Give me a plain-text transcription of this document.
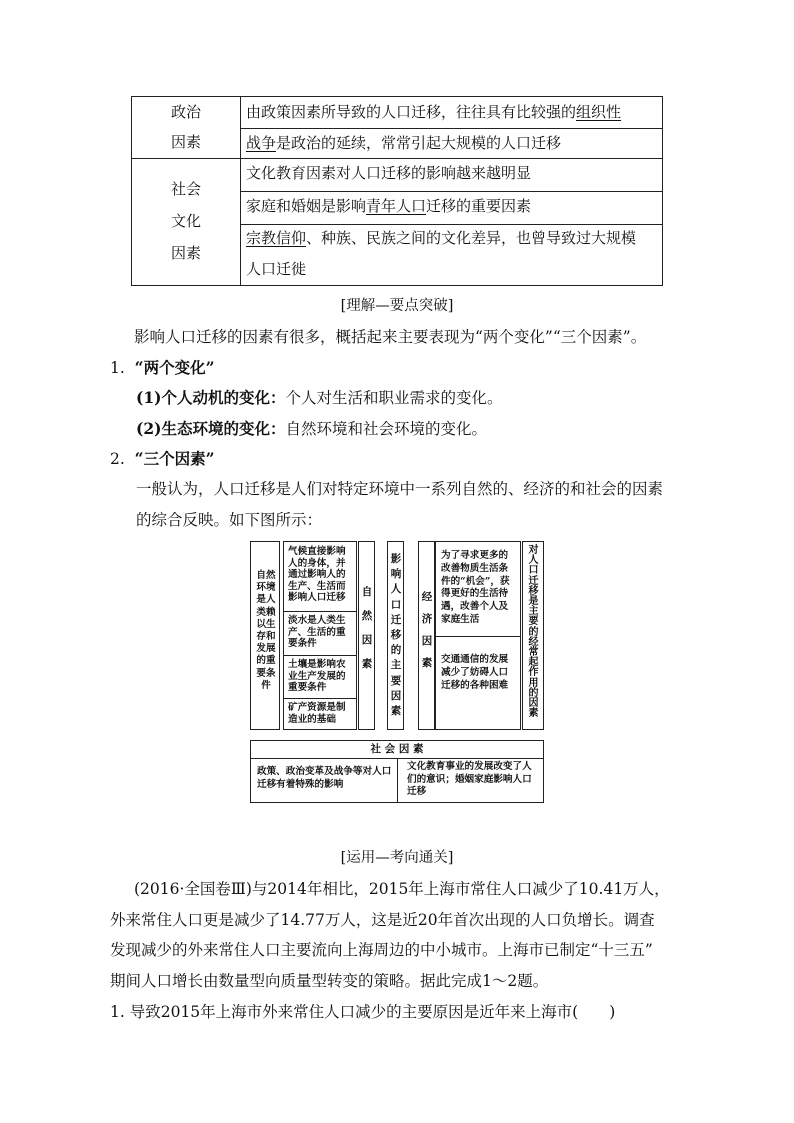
政治
因素
社会
文化
因素
由政策因素所导致的人口迁移，往往具有比较强的组织性
战争是政治的延续，常常引起大规模的人口迁移
文化教育因素对人口迁移的影响越来越明显
家庭和婚姻是影响青年人口迁移的重要因素
宗教信仰、种族、民族之间的文化差异，也曾导致过大规模
人口迁徙
[理解—要点突破]
影响人口迁移的因素有很多，概括起来主要表现为“两个变化”“三个因素”。
1. “两个变化”
(1)个人动机的变化：个人对生活和职业需求的变化。
(2)生态环境的变化：自然环境和社会环境的变化。
2. “三个因素”
一般认为，人口迁移是人们对特定环境中一系列自然的、经济的和社会的因素
的综合反映。如下图所示：
自然环境是人类赖以生存和发展的重要条件
气候直接影响人的身体，并通过影响人的生产、生活而影响人口迁移
淡水是人类生产、生活的重要条件
土壤是影响农业生产发展的重要条件
矿产资源是制造业的基础
自然因素
影响人口迁移的主要因素
经济因素
为了寻求更多的改善物质生活条件的“机会”，获得更好的生活待遇，改善个人及家庭生活
交通通信的发展减少了妨碍人口迁移的各种困难
对人口迁移是主要的经常起作用的因素
社 会 因 素
政策、政治变革及战争等对人口迁移有着特殊的影响
文化教育事业的发展改变了人们的意识；婚姻家庭影响人口迁移
[运用—考向通关]
(2016·全国卷Ⅲ)与2014年相比，2015年上海市常住人口减少了10.41万人，
外来常住人口更是减少了14.77万人，这是近20年首次出现的人口负增长。调查
发现减少的外来常住人口主要流向上海周边的中小城市。上海市已制定“十三五”
期间人口增长由数量型向质量型转变的策略。据此完成1～2题。
1. 导致2015年上海市外来常住人口减少的主要原因是近年来上海市(　　)
